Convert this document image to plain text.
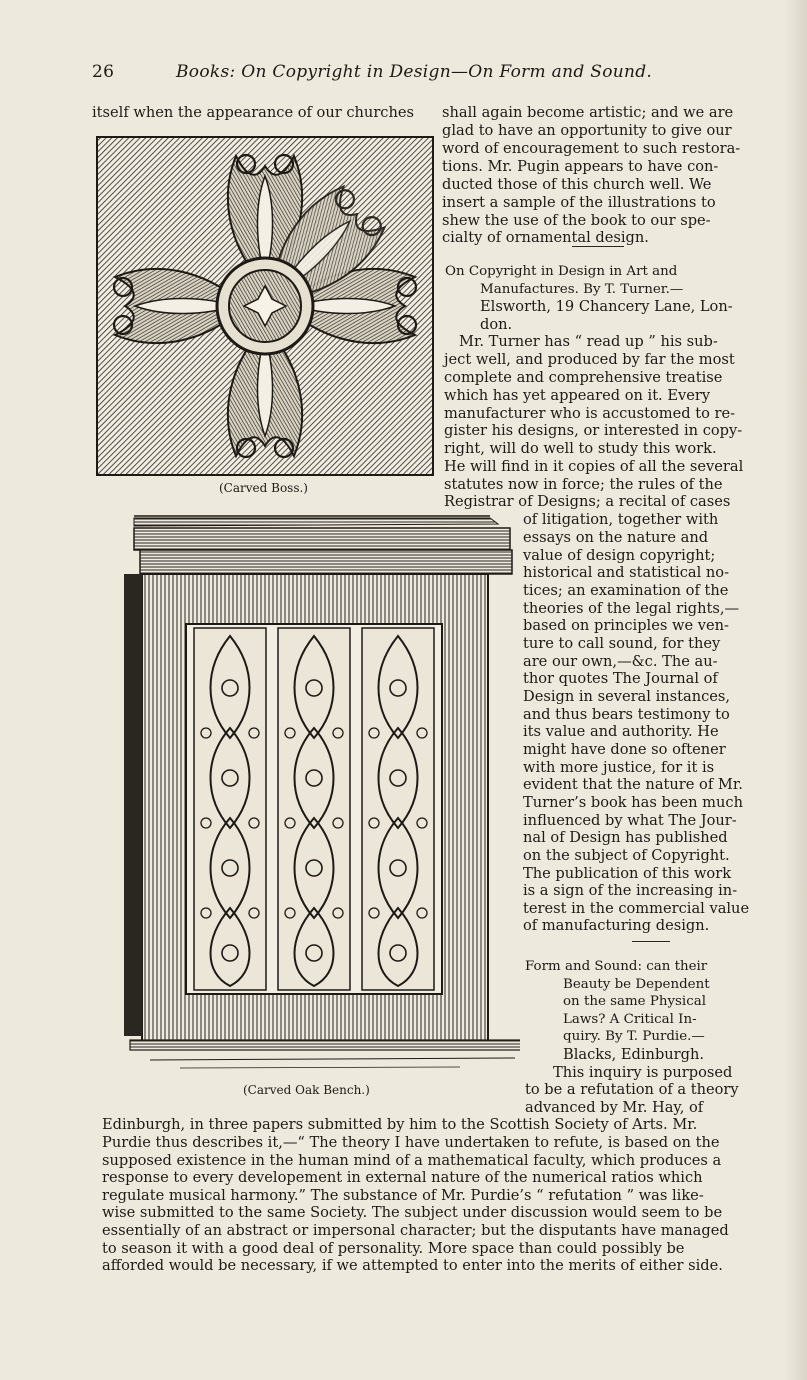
26	Books: On Copyright in Design—On Form and Sound.
(Carved Boss.)
(Carved Oak Bench.)
itself when the appearance of our churches shall again become artistic; and we are
glad to have an opportunity to give our
word of encouragement to such restora-
tions. Mr. Pugin appears to have con-
ducted those of this church well. We
insert a sample of the illustrations to
shew the use of the book to our spe-
cialty of ornamental design.
On Copyright in Design in Art and
Manufactures. By T. Turner.—
Elsworth, 19 Chancery Lane, Lon-
don.
Mr. Turner has “ read up ” his sub-
ject well, and produced by far the most
complete and comprehensive treatise
which has yet appeared on it. Every
manufacturer who is accustomed to re-
gister his designs, or interested in copy-
right, will do well to study this work.
He will find in it copies of all the several
statutes now in force; the rules of the
Registrar of Designs; a recital of cases
of litigation, together with
essays on the nature and
value of design copyright;
historical and statistical no-
tices; an examination of the
theories of the legal rights,—
based on principles we ven-
ture to call sound, for they
are our own,—&c. The au-
thor quotes The Journal of
Design in several instances,
and thus bears testimony to
its value and authority. He
might have done so oftener
with more justice, for it is
evident that the nature of Mr.
Turner’s book has been much
influenced by what The Jour-
nal of Design has published
on the subject of Copyright.
The publication of this work
is a sign of the increasing in-
terest in the commercial value
of manufacturing design.
Form and Sound: can their
Beauty be Dependent
on the same Physical
Laws? A Critical In-
quiry. By T. Purdie.—
Blacks, Edinburgh.
This inquiry is purposed
to be a refutation of a theory
advanced by Mr. Hay, of
Edinburgh, in three papers submitted by him to the Scottish Society of Arts. Mr.
Purdie thus describes it,—“ The theory I have undertaken to refute, is based on the
supposed existence in the human mind of a mathematical faculty, which produces a
response to every developement in external nature of the numerical ratios which
regulate musical harmony.” The substance of Mr. Purdie’s “ refutation ” was like-
wise submitted to the same Society. The subject under discussion would seem to be
essentially of an abstract or impersonal character; but the disputants have managed
to season it with a good deal of personality. More space than could possibly be
afforded would be necessary, if we attempted to enter into the merits of either side.
